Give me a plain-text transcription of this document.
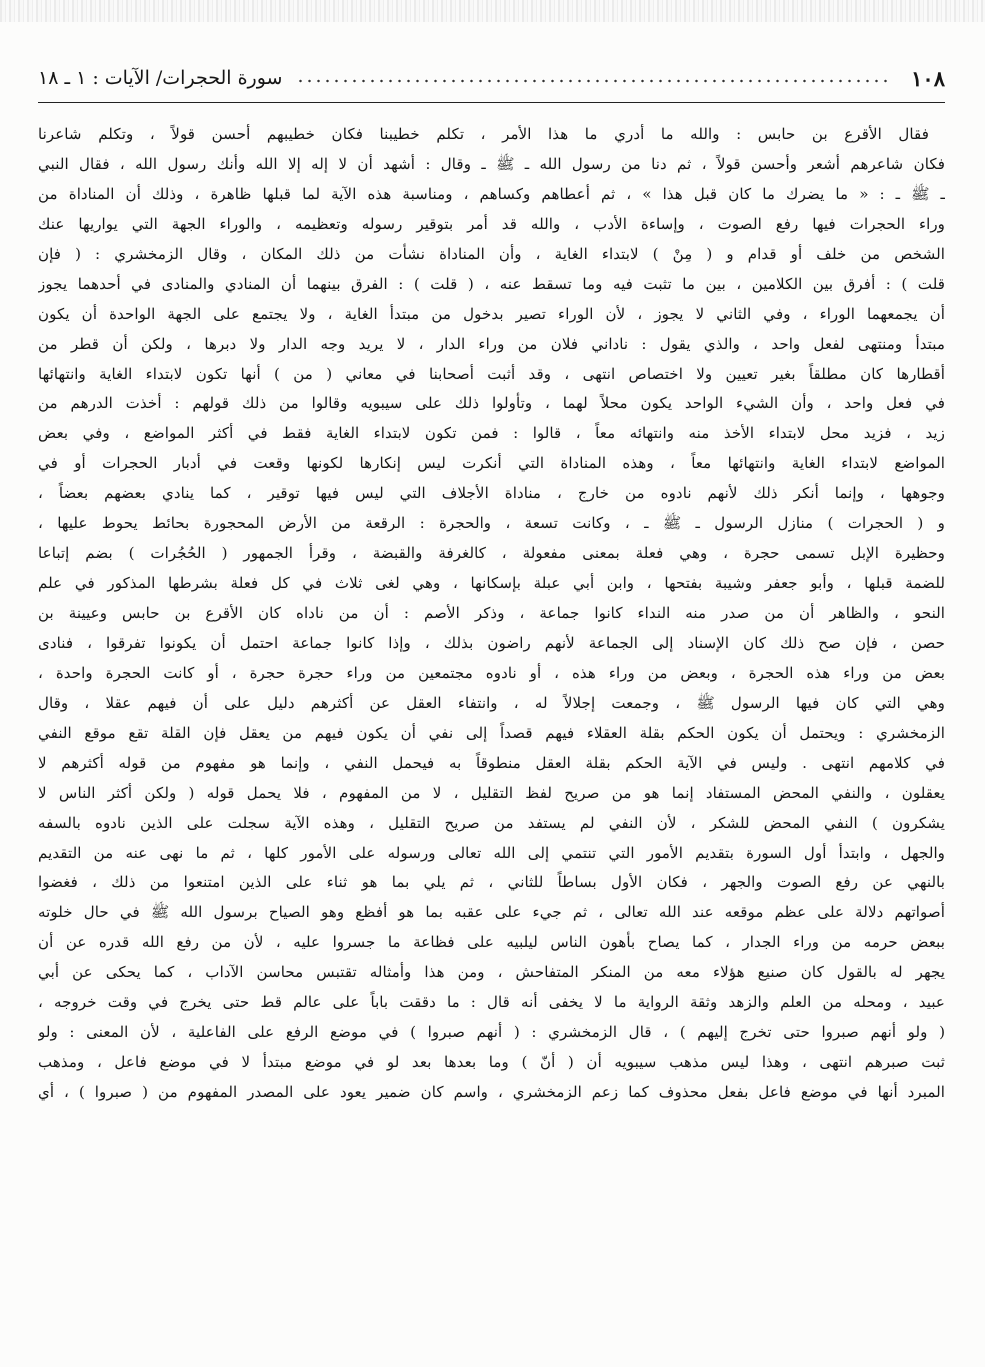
١٠٨
سورة الحجرات/ الآيات : ١ ـ ١٨
فقال الأقرع بن حابس : والله ما أدري ما هذا الأمر ، تكلم خطيبنا فكان خطيبهم أحسن قولاً ، وتكلم شاعرنا
فكان شاعرهم أشعر وأحسن قولاً ، ثم دنا من رسول الله ـ ﷺ ـ وقال : أشهد أن لا إله إلا الله وأنك رسول الله ، فقال النبي
ـ ﷺ ـ : « ما يضرك ما كان قبل هذا » ، ثم أعطاهم وكساهم ، ومناسبة هذه الآية لما قبلها ظاهرة ، وذلك أن المناداة من
وراء الحجرات فيها رفع الصوت ، وإساءة الأدب ، والله قد أمر بتوقير رسوله وتعظيمه ، والوراء الجهة التي يواريها عنك
الشخص من خلف أو قدام و ( مِنْ ) لابتداء الغاية ، وأن المناداة نشأت من ذلك المكان ، وقال الزمخشري : ( فإن
قلت ) : أفرق بين الكلامين ، بين ما تثبت فيه وما تسقط عنه ، ( قلت ) : الفرق بينهما أن المنادي والمنادى في أحدهما يجوز
أن يجمعهما الوراء ، وفي الثاني لا يجوز ، لأن الوراء تصير بدخول من مبتدأ الغاية ، ولا يجتمع على الجهة الواحدة أن يكون
مبتدأ ومنتهى لفعل واحد ، والذي يقول : ناداني فلان من وراء الدار ، لا يريد وجه الدار ولا دبرها ، ولكن أن قطر من
أقطارها كان مطلقاً بغير تعيين ولا اختصاص انتهى ، وقد أثبت أصحابنا في معاني ( من ) أنها تكون لابتداء الغاية وانتهائها
في فعل واحد ، وأن الشيء الواحد يكون محلاً لهما ، وتأولوا ذلك على سيبويه وقالوا من ذلك قولهم : أخذت الدرهم من
زيد ، فزيد محل لابتداء الأخذ منه وانتهائه معاً ، قالوا : فمن تكون لابتداء الغاية فقط في أكثر المواضع ، وفي بعض
المواضع لابتداء الغاية وانتهائها معاً ، وهذه المناداة التي أنكرت ليس إنكارها لكونها وقعت في أدبار الحجرات أو في
وجوهها ، وإنما أنكر ذلك لأنهم نادوه من خارج ، مناداة الأجلاف التي ليس فيها توقير ، كما ينادي بعضهم بعضاً ،
و ( الحجرات ) منازل الرسول ـ ﷺ ـ ، وكانت تسعة ، والحجرة : الرقعة من الأرض المحجورة بحائط يحوط عليها ،
وحظيرة الإبل تسمى حجرة ، وهي فعلة بمعنى مفعولة ، كالغرفة والقبضة ، وقرأ الجمهور ( الحُجُرات ) بضم إتباعا
للضمة قبلها ، وأبو جعفر وشيبة بفتحها ، وابن أبي عبلة بإسكانها ، وهي لغى ثلاث في كل فعلة بشرطها المذكور في علم
النحو ، والظاهر أن من صدر منه النداء كانوا جماعة ، وذكر الأصم : أن من ناداه كان الأقرع بن حابس وعيينة بن
حصن ، فإن صح ذلك كان الإسناد إلى الجماعة لأنهم راضون بذلك ، وإذا كانوا جماعة احتمل أن يكونوا تفرقوا ، فنادى
بعض من وراء هذه الحجرة ، وبعض من وراء هذه ، أو نادوه مجتمعين من وراء حجرة حجرة ، أو كانت الحجرة واحدة ،
وهي التي كان فيها الرسول ﷺ ، وجمعت إجلالاً له ، وانتفاء العقل عن أكثرهم دليل على أن فيهم عقلا ، وقال
الزمخشري : ويحتمل أن يكون الحكم بقلة العقلاء فيهم قصداً إلى نفي أن يكون فيهم من يعقل فإن القلة تقع موقع النفي
في كلامهم انتهى . وليس في الآية الحكم بقلة العقل منطوقاً به فيحمل النفي ، وإنما هو مفهوم من قوله أكثرهم لا
يعقلون ، والنفي المحض المستفاد إنما هو من صريح لفظ التقليل ، لا من المفهوم ، فلا يحمل قوله ( ولكن أكثر الناس لا
يشكرون ) النفي المحض للشكر ، لأن النفي لم يستفد من صريح التقليل ، وهذه الآية سجلت على الذين نادوه بالسفه
والجهل ، وابتدأ أول السورة بتقديم الأمور التي تنتمي إلى الله تعالى ورسوله على الأمور كلها ، ثم ما نهى عنه من التقديم
بالنهي عن رفع الصوت والجهر ، فكان الأول بساطاً للثاني ، ثم يلي بما هو ثناء على الذين امتنعوا من ذلك ، فغضوا
أصواتهم دلالة على عظم موقعه عند الله تعالى ، ثم جيء على عقبه بما هو أفظع وهو الصياح برسول الله ﷺ في حال خلوته
ببعض حرمه من وراء الجدار ، كما يصاح بأهون الناس ليلبيه على فظاعة ما جسروا عليه ، لأن من رفع الله قدره عن أن
يجهر له بالقول كان صنيع هؤلاء معه من المنكر المتفاحش ، ومن هذا وأمثاله تقتبس محاسن الآداب ، كما يحكى عن أبي
عبيد ، ومحله من العلم والزهد وثقة الرواية ما لا يخفى أنه قال : ما دققت باباً على عالم قط حتى يخرج في وقت خروجه ،
( ولو أنهم صبروا حتى تخرج إليهم ) ، قال الزمخشري : ( أنهم صبروا ) في موضع الرفع على الفاعلية ، لأن المعنى : ولو
ثبت صبرهم انتهى ، وهذا ليس مذهب سيبويه أن ( أنّ ) وما بعدها بعد لو في موضع مبتدأ لا في موضع فاعل ، ومذهب
المبرد أنها في موضع فاعل بفعل محذوف كما زعم الزمخشري ، واسم كان ضمير يعود على المصدر المفهوم من ( صبروا ) ، أي
